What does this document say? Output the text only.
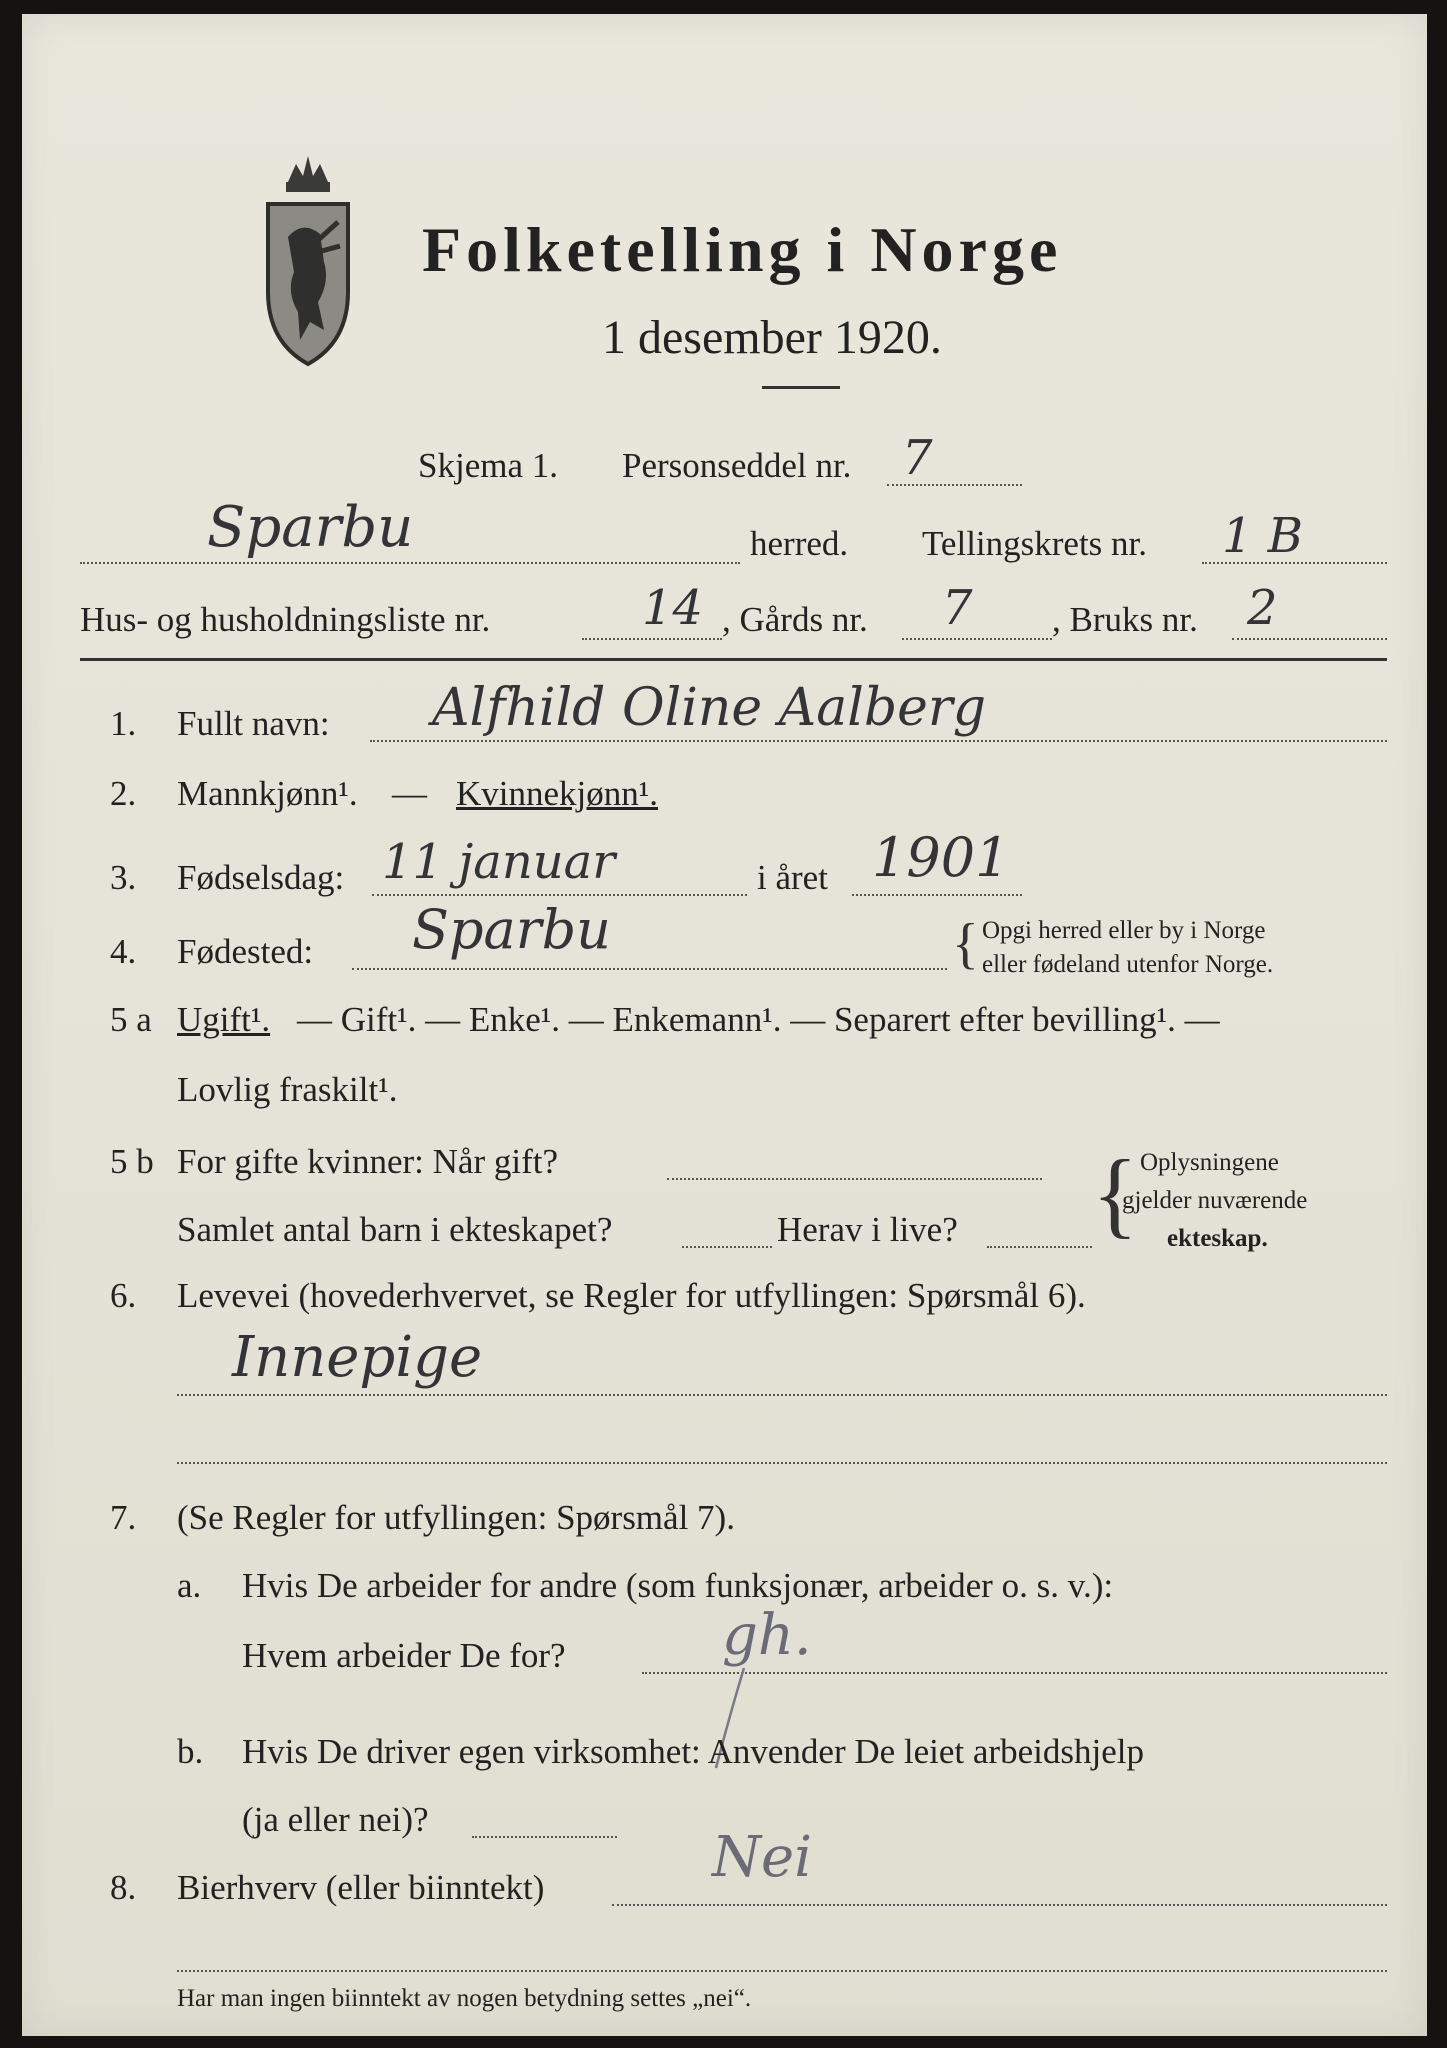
Folketelling i Norge
1 desember 1920.
Skjema 1. Personseddel nr. 7
Sparbu	herred. Tellingskrets nr. 1 B
Hus- og husholdningsliste nr.	14 , Gårds nr. 7 , Bruks nr. 2
1. Fullt navn: Alfhild Oline Aalberg
2. Mannkjønn¹. — Kvinnekjønn¹.
3. Fødselsdag: 11 januar	i året 1901
4. Fødested: Sparbu	{ Opgi herred eller by i Norge
eller fødeland utenfor Norge.
5 a Ugift¹. — Gift¹. — Enke¹. — Enkemann¹. — Separert efter bevilling¹. —
Lovlig fraskilt¹.
5 b For gifte kvinner: Når gift?
Samlet antal barn i ekteskapet?	Herav i live? { Oplysningene
gjelder nuværende
ekteskap.
6. Levevei (hovederhvervet, se Regler for utfyllingen: Spørsmål 6).
Innepige
7. (Se Regler for utfyllingen: Spørsmål 7).
a. Hvis De arbeider for andre (som funksjonær, arbeider o. s. v.):
Hvem arbeider De for?	gh.
b. Hvis De driver egen virksomhet: Anvender De leiet arbeidshjelp
(ja eller nei)?
8. Bierhverv (eller biinntekt)	Nei
Har man ingen biinntekt av nogen betydning settes „nei“.
